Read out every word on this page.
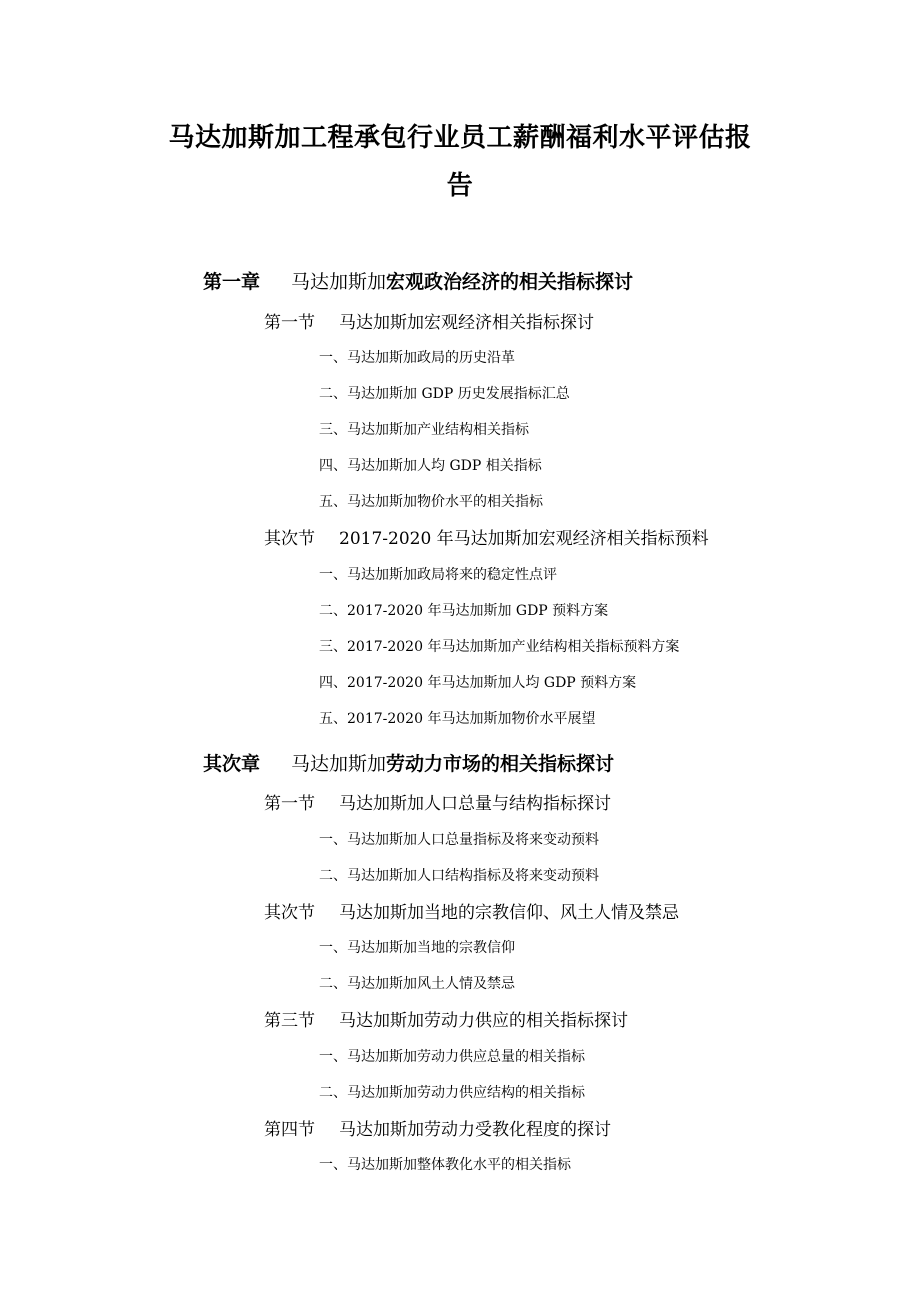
马达加斯加工程承包行业员工薪酬福利水平评估报
告
第一章 马达加斯加宏观政治经济的相关指标探讨
第一节 马达加斯加宏观经济相关指标探讨
一、马达加斯加政局的历史沿革
二、马达加斯加 GDP 历史发展指标汇总
三、马达加斯加产业结构相关指标
四、马达加斯加人均 GDP 相关指标
五、马达加斯加物价水平的相关指标
其次节 2017-2020 年马达加斯加宏观经济相关指标预料
一、马达加斯加政局将来的稳定性点评
二、2017-2020 年马达加斯加 GDP 预料方案
三、2017-2020 年马达加斯加产业结构相关指标预料方案
四、2017-2020 年马达加斯加人均 GDP 预料方案
五、2017-2020 年马达加斯加物价水平展望
其次章 马达加斯加劳动力市场的相关指标探讨
第一节 马达加斯加人口总量与结构指标探讨
一、马达加斯加人口总量指标及将来变动预料
二、马达加斯加人口结构指标及将来变动预料
其次节 马达加斯加当地的宗教信仰、风土人情及禁忌
一、马达加斯加当地的宗教信仰
二、马达加斯加风土人情及禁忌
第三节 马达加斯加劳动力供应的相关指标探讨
一、马达加斯加劳动力供应总量的相关指标
二、马达加斯加劳动力供应结构的相关指标
第四节 马达加斯加劳动力受教化程度的探讨
一、马达加斯加整体教化水平的相关指标
